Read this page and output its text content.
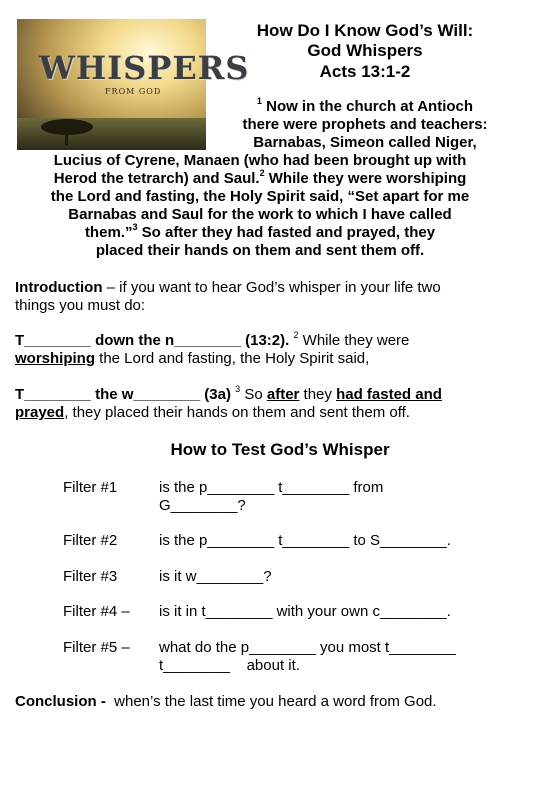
WHISPERS
FROM GOD
How Do I Know God’s Will:
God Whispers
Acts 13:1-2
$^1$ Now in the church at Antioch
there were prophets and teachers:
Barnabas, Simeon called Niger,
Lucius of Cyrene, Manaen (who had been brought up with
Herod the tetrarch) and Saul.$^2$ While they were worshiping
the Lord and fasting, the Holy Spirit said, “Set apart for me
Barnabas and Saul for the work to which I have called
them.”$^3$ So after they had fasted and prayed, they
placed their hands on them and sent them off.
Introduction – if you want to hear God’s whisper in your life two
things you must do:
T________ down the n________ (13:2). $^2$ While they were
worshiping the Lord and fasting, the Holy Spirit said,
T________ the w________ (3a) $^3$ So after they had fasted and
prayed, they placed their hands on them and sent them off.
How to Test God’s Whisper
Filter #1	is the p________ t________ from
G________?
Filter #2	is the p________ t________ to S________.
Filter #3	is it w________?
Filter #4 – is it in t________ with your own c________.
Filter #5 – what do the p________ you most t________
t________    about it.
Conclusion -  when’s the last time you heard a word from God.
